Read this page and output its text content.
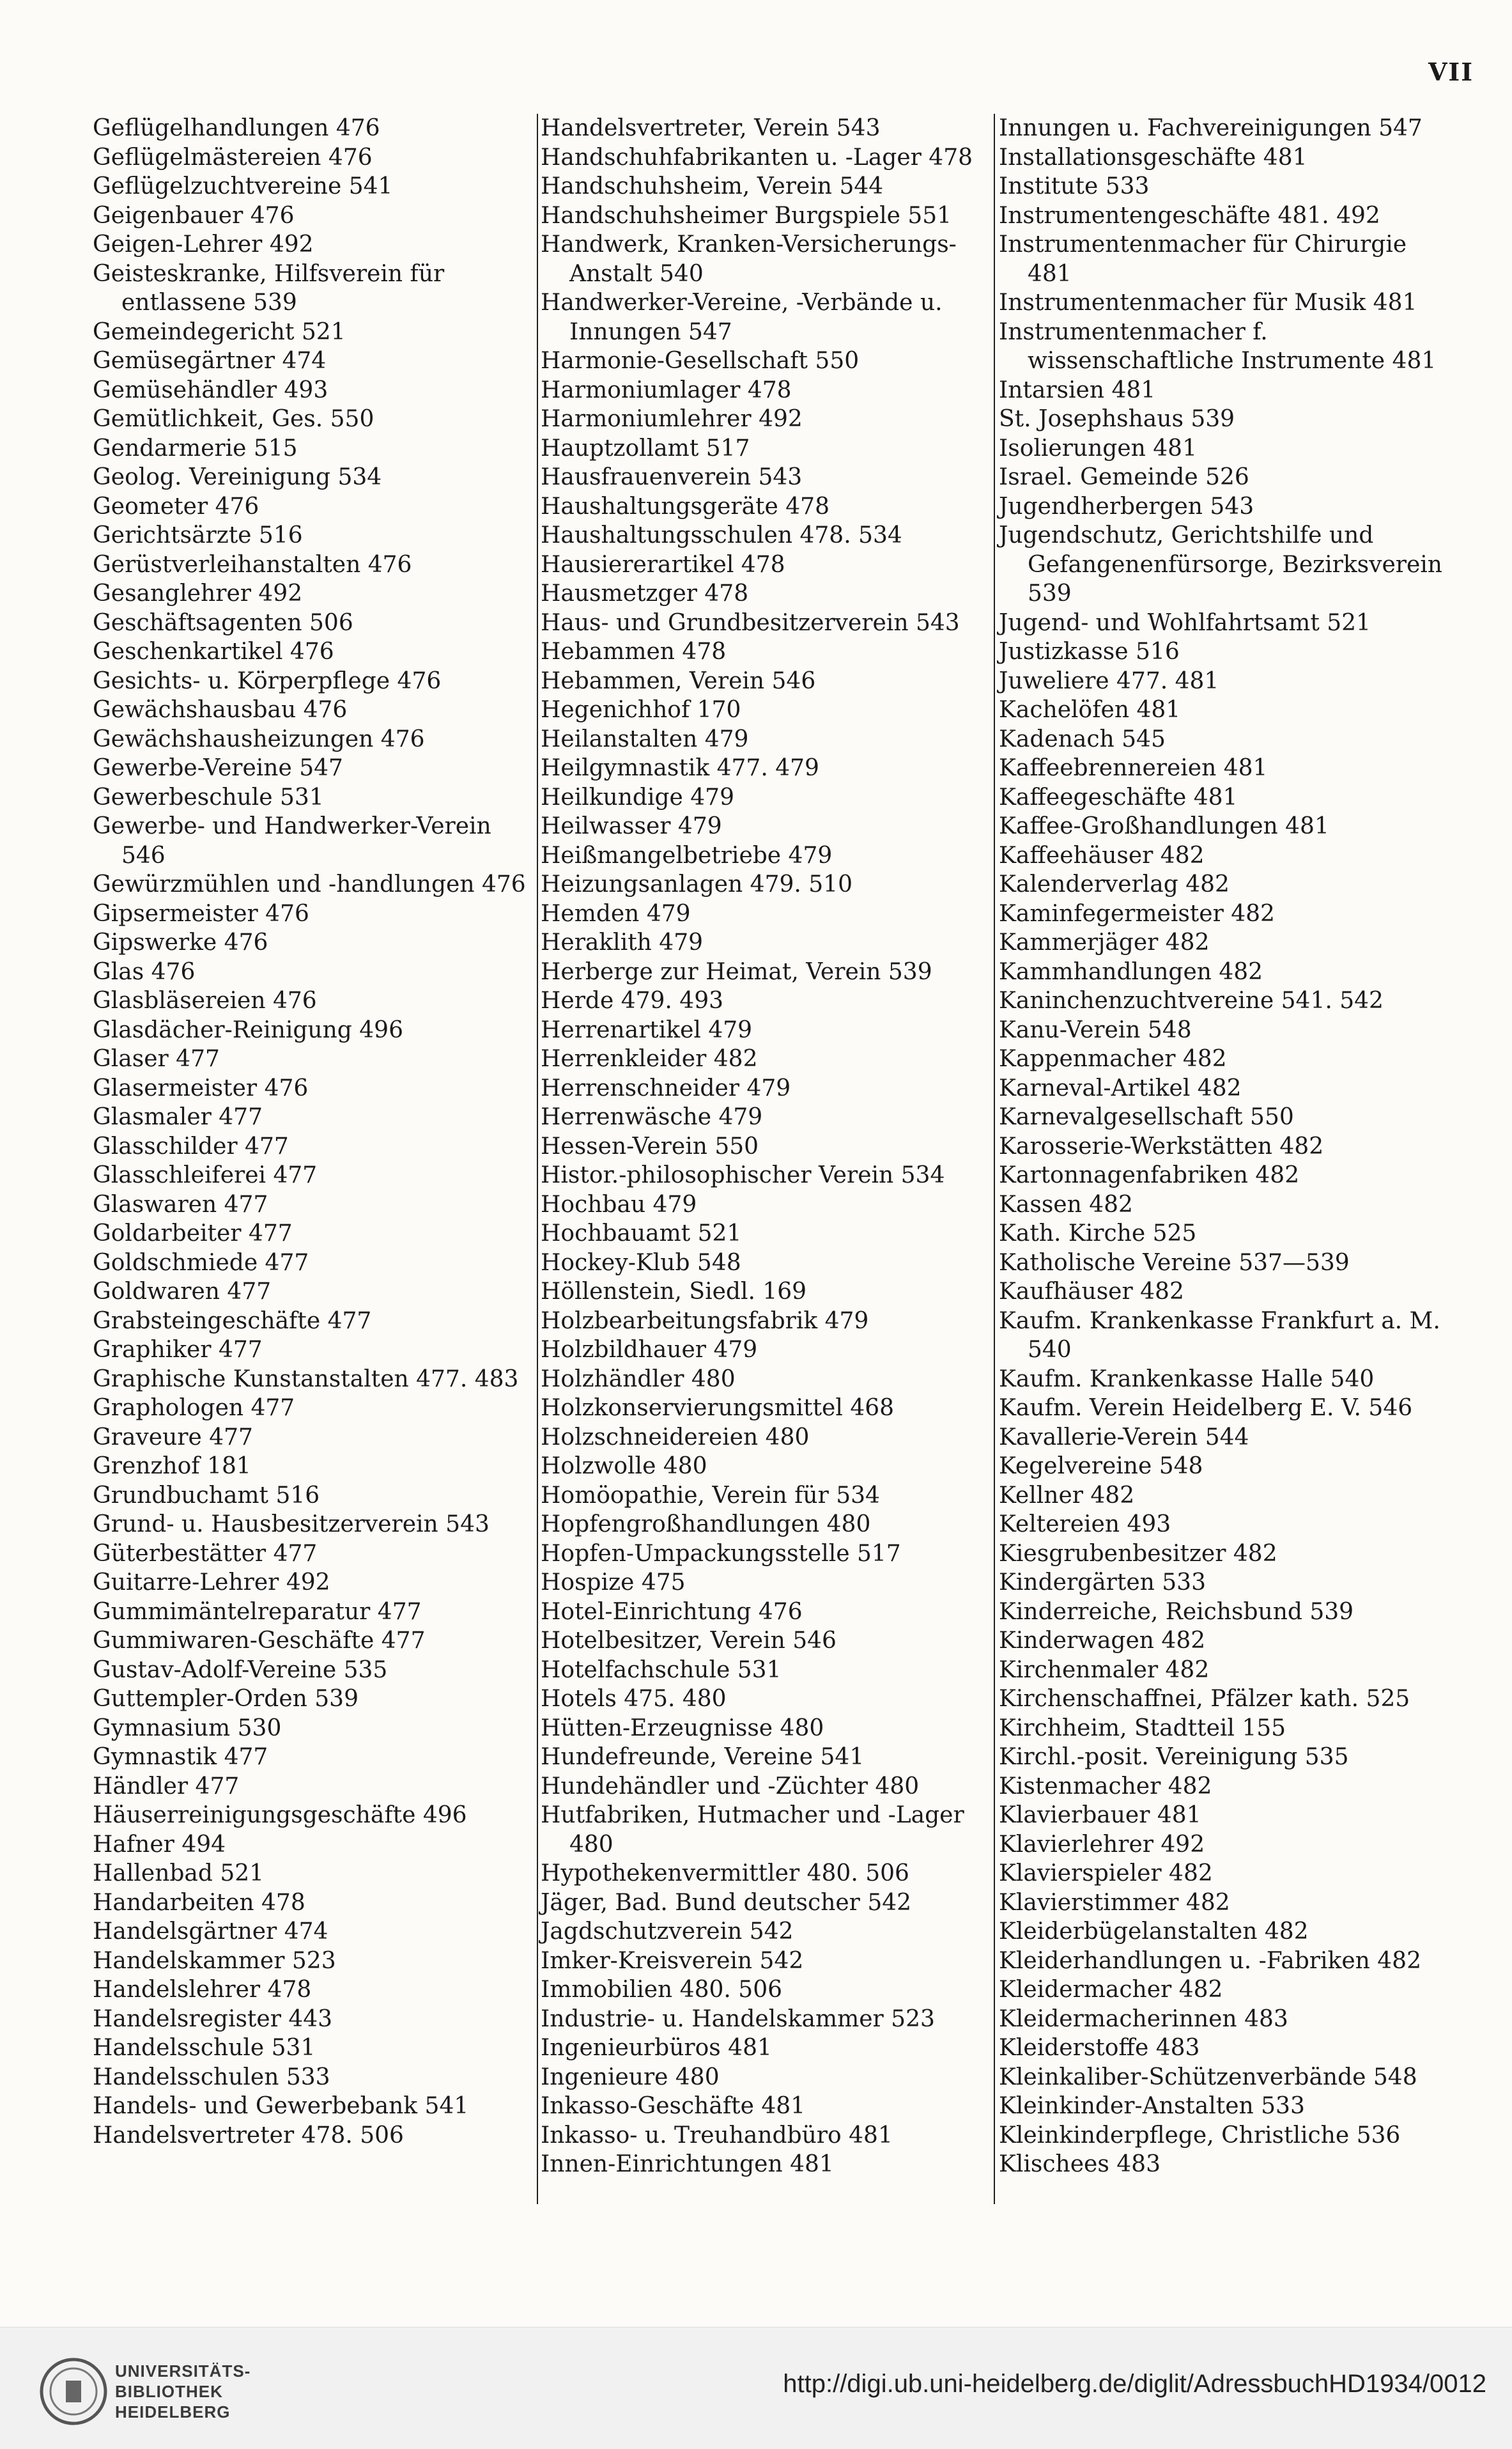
VII
Geflügelhandlungen 476
Geflügelmästereien 476
Geflügelzuchtvereine 541
Geigenbauer 476
Geigen-Lehrer 492
Geisteskranke, Hilfsverein für entlassene 539
Gemeindegericht 521
Gemüsegärtner 474
Gemüsehändler 493
Gemütlichkeit, Ges. 550
Gendarmerie 515
Geolog. Vereinigung 534
Geometer 476
Gerichtsärzte 516
Gerüstverleihanstalten 476
Gesanglehrer 492
Geschäftsagenten 506
Geschenkartikel 476
Gesichts- u. Körperpflege 476
Gewächshausbau 476
Gewächshausheizungen 476
Gewerbe-Vereine 547
Gewerbeschule 531
Gewerbe- und Handwerker-Verein 546
Gewürzmühlen und -handlungen 476
Gipsermeister 476
Gipswerke 476
Glas 476
Glasbläsereien 476
Glasdächer-Reinigung 496
Glaser 477
Glasermeister 476
Glasmaler 477
Glasschilder 477
Glasschleiferei 477
Glaswaren 477
Goldarbeiter 477
Goldschmiede 477
Goldwaren 477
Grabsteingeschäfte 477
Graphiker 477
Graphische Kunstanstalten 477. 483
Graphologen 477
Graveure 477
Grenzhof 181
Grundbuchamt 516
Grund- u. Hausbesitzerverein 543
Güterbestätter 477
Guitarre-Lehrer 492
Gummimäntelreparatur 477
Gummiwaren-Geschäfte 477
Gustav-Adolf-Vereine 535
Guttempler-Orden 539
Gymnasium 530
Gymnastik 477
Händler 477
Häuserreinigungsgeschäfte 496
Hafner 494
Hallenbad 521
Handarbeiten 478
Handelsgärtner 474
Handelskammer 523
Handelslehrer 478
Handelsregister 443
Handelsschule 531
Handelsschulen 533
Handels- und Gewerbebank 541
Handelsvertreter 478. 506
Handelsvertreter, Verein 543
Handschuhfabrikanten u. -Lager 478
Handschuhsheim, Verein 544
Handschuhsheimer Burgspiele 551
Handwerk, Kranken-Versicherungs-Anstalt 540
Handwerker-Vereine, -Verbände u. Innungen 547
Harmonie-Gesellschaft 550
Harmoniumlager 478
Harmoniumlehrer 492
Hauptzollamt 517
Hausfrauenverein 543
Haushaltungsgeräte 478
Haushaltungsschulen 478. 534
Hausiererartikel 478
Hausmetzger 478
Haus- und Grundbesitzerverein 543
Hebammen 478
Hebammen, Verein 546
Hegenichhof 170
Heilanstalten 479
Heilgymnastik 477. 479
Heilkundige 479
Heilwasser 479
Heißmangelbetriebe 479
Heizungsanlagen 479. 510
Hemden 479
Heraklith 479
Herberge zur Heimat, Verein 539
Herde 479. 493
Herrenartikel 479
Herrenkleider 482
Herrenschneider 479
Herrenwäsche 479
Hessen-Verein 550
Histor.-philosophischer Verein 534
Hochbau 479
Hochbauamt 521
Hockey-Klub 548
Höllenstein, Siedl. 169
Holzbearbeitungsfabrik 479
Holzbildhauer 479
Holzhändler 480
Holzkonservierungsmittel 468
Holzschneidereien 480
Holzwolle 480
Homöopathie, Verein für 534
Hopfengroßhandlungen 480
Hopfen-Umpackungsstelle 517
Hospize 475
Hotel-Einrichtung 476
Hotelbesitzer, Verein 546
Hotelfachschule 531
Hotels 475. 480
Hütten-Erzeugnisse 480
Hundefreunde, Vereine 541
Hundehändler und -Züchter 480
Hutfabriken, Hutmacher und -Lager 480
Hypothekenvermittler 480. 506
Jäger, Bad. Bund deutscher 542
Jagdschutzverein 542
Imker-Kreisverein 542
Immobilien 480. 506
Industrie- u. Handelskammer 523
Ingenieurbüros 481
Ingenieure 480
Inkasso-Geschäfte 481
Inkasso- u. Treuhandbüro 481
Innen-Einrichtungen 481
Innungen u. Fachvereinigungen 547
Installationsgeschäfte 481
Institute 533
Instrumentengeschäfte 481. 492
Instrumentenmacher für Chirurgie 481
Instrumentenmacher für Musik 481
Instrumentenmacher f. wissenschaftliche Instrumente 481
Intarsien 481
St. Josephshaus 539
Isolierungen 481
Israel. Gemeinde 526
Jugendherbergen 543
Jugendschutz, Gerichtshilfe und Gefangenenfürsorge, Bezirksverein 539
Jugend- und Wohlfahrtsamt 521
Justizkasse 516
Juweliere 477. 481
Kachelöfen 481
Kadenach 545
Kaffeebrennereien 481
Kaffeegeschäfte 481
Kaffee-Großhandlungen 481
Kaffeehäuser 482
Kalenderverlag 482
Kaminfegermeister 482
Kammerjäger 482
Kammhandlungen 482
Kaninchenzuchtvereine 541. 542
Kanu-Verein 548
Kappenmacher 482
Karneval-Artikel 482
Karnevalgesellschaft 550
Karosserie-Werkstätten 482
Kartonnagenfabriken 482
Kassen 482
Kath. Kirche 525
Katholische Vereine 537—539
Kaufhäuser 482
Kaufm. Krankenkasse Frankfurt a. M. 540
Kaufm. Krankenkasse Halle 540
Kaufm. Verein Heidelberg E. V. 546
Kavallerie-Verein 544
Kegelvereine 548
Kellner 482
Keltereien 493
Kiesgrubenbesitzer 482
Kindergärten 533
Kinderreiche, Reichsbund 539
Kinderwagen 482
Kirchenmaler 482
Kirchenschaffnei, Pfälzer kath. 525
Kirchheim, Stadtteil 155
Kirchl.-posit. Vereinigung 535
Kistenmacher 482
Klavierbauer 481
Klavierlehrer 492
Klavierspieler 482
Klavierstimmer 482
Kleiderbügelanstalten 482
Kleiderhandlungen u. -Fabriken 482
Kleidermacher 482
Kleidermacherinnen 483
Kleiderstoffe 483
Kleinkaliber-Schützenverbände 548
Kleinkinder-Anstalten 533
Kleinkinderpflege, Christliche 536
Klischees 483
UNIVERSITÄTS-
BIBLIOTHEK
HEIDELBERG
http://digi.ub.uni-heidelberg.de/diglit/AdressbuchHD1934/0012
